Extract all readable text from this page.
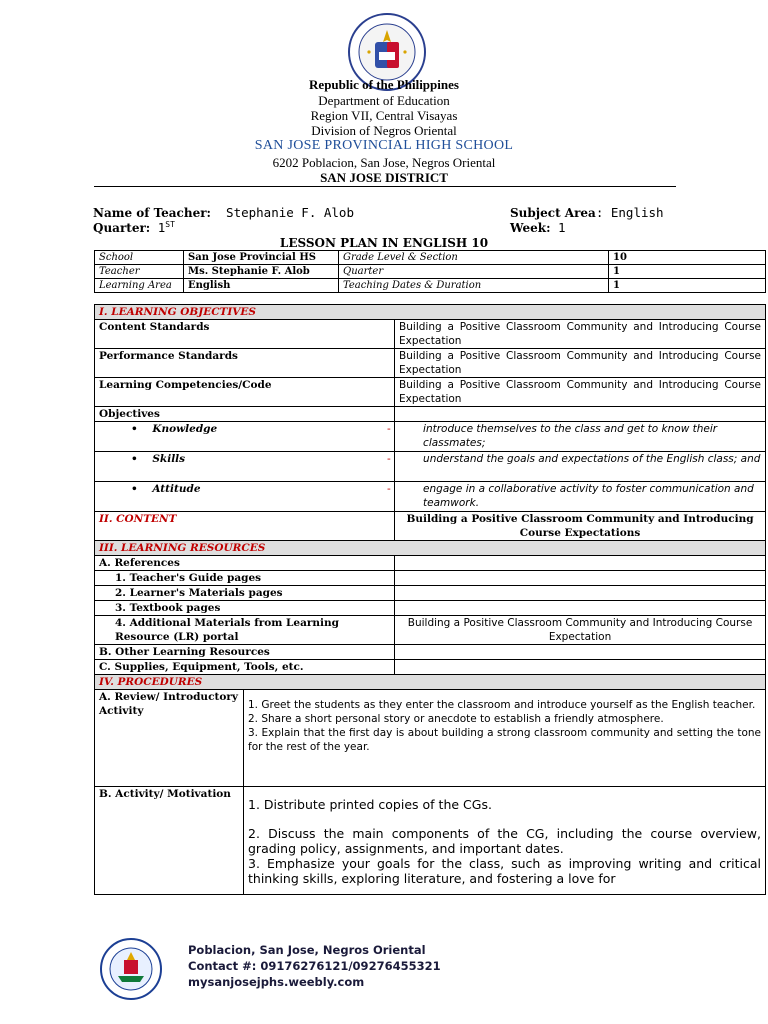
Republic of the Philippines
Department of Education
Region VII, Central Visayas
Division of Negros Oriental
SAN JOSE PROVINCIAL HIGH SCHOOL
6202 Poblacion, San Jose, Negros Oriental
SAN JOSE DISTRICT
Name of Teacher: Stephanie F. Alob	Subject Area: English
Quarter: 1ST	Week: 1
LESSON PLAN IN ENGLISH 10
School	San Jose Provincial HS	Grade Level & Section	10
Teacher	Ms. Stephanie F. Alob	Quarter	1
Learning Area	English	Teaching Dates & Duration	1
I. LEARNING OBJECTIVES		
Content Standards		Building a Positive Classroom Community and Introducing Course Expectation
Performance Standards		Building a Positive Classroom Community and Introducing Course Expectation
Learning Competencies/Code		Building a Positive Classroom Community and Introducing Course Expectation
Objectives		
•    Knowledge		- introduce themselves to the class and get to know their classmates;
•    Skills		- understand the goals and expectations of the English class; and
•    Attitude		- engage in a collaborative activity to foster communication and teamwork.
II. CONTENT		Building a Positive Classroom Community and Introducing Course Expectations
III. LEARNING RESOURCES		
A. References		
1. Teacher's Guide pages		
2. Learner's Materials pages		
3. Textbook pages		
4. Additional Materials from Learning Resource (LR) portal		Building a Positive Classroom Community and Introducing Course Expectation
B. Other Learning Resources		
C. Supplies, Equipment, Tools, etc.		
IV. PROCEDURES		
A. Review/ Introductory Activity	1. Greet the students as they enter the classroom and introduce yourself as the English teacher.
2. Share a short personal story or anecdote to establish a friendly atmosphere.
3. Explain that the first day is about building a strong classroom community and setting the tone for the rest of the year.	

B. Activity/ Motivation	1. Distribute printed copies of the CGs.
2. Discuss the main components of the CG, including the course overview, grading policy, assignments, and important dates.
3. Emphasize your goals for the class, such as improving writing and critical thinking skills, exploring literature, and fostering a love for	
Poblacion, San Jose, Negros Oriental
Contact #: 09176276121/09276455321
mysanjosejphs.weebly.com
